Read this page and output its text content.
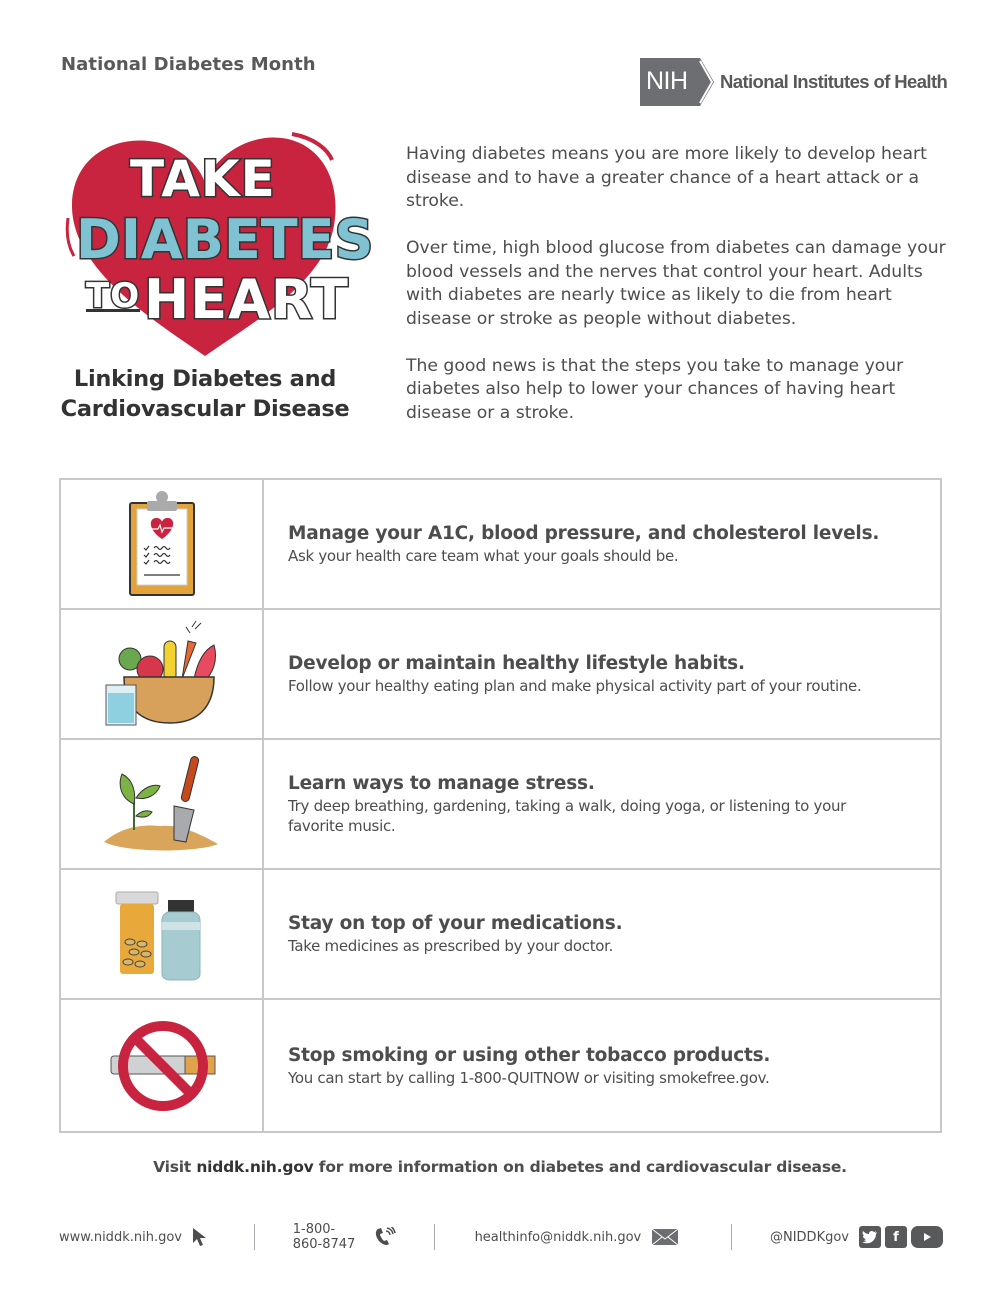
National Diabetes Month
NIH National Institutes of Health
TAKE
DIABETES
TO HEART
Linking Diabetes and
Cardiovascular Disease

Having diabetes means you are more likely to develop heart disease and to have a greater chance of a heart attack or a stroke.

Over time, high blood glucose from diabetes can damage your blood vessels and the nerves that control your heart. Adults with diabetes are nearly twice as likely to die from heart disease or stroke as people without diabetes.

The good news is that the steps you take to manage your diabetes also help to lower your chances of having heart disease or a stroke.

Manage your A1C, blood pressure, and cholesterol levels.
Ask your health care team what your goals should be.
Develop or maintain healthy lifestyle habits.
Follow your healthy eating plan and make physical activity part of your routine.
Learn ways to manage stress.
Try deep breathing, gardening, taking a walk, doing yoga, or listening to your favorite music.
Stay on top of your medications.
Take medicines as prescribed by your doctor.
Stop smoking or using other tobacco products.
You can start by calling 1-800-QUITNOW or visiting smokefree.gov.
Visit niddk.nih.gov for more information on diabetes and cardiovascular disease.
www.niddk.nih.gov	1-800-860-8747	healthinfo@niddk.nih.gov	@NIDDKgov	f
